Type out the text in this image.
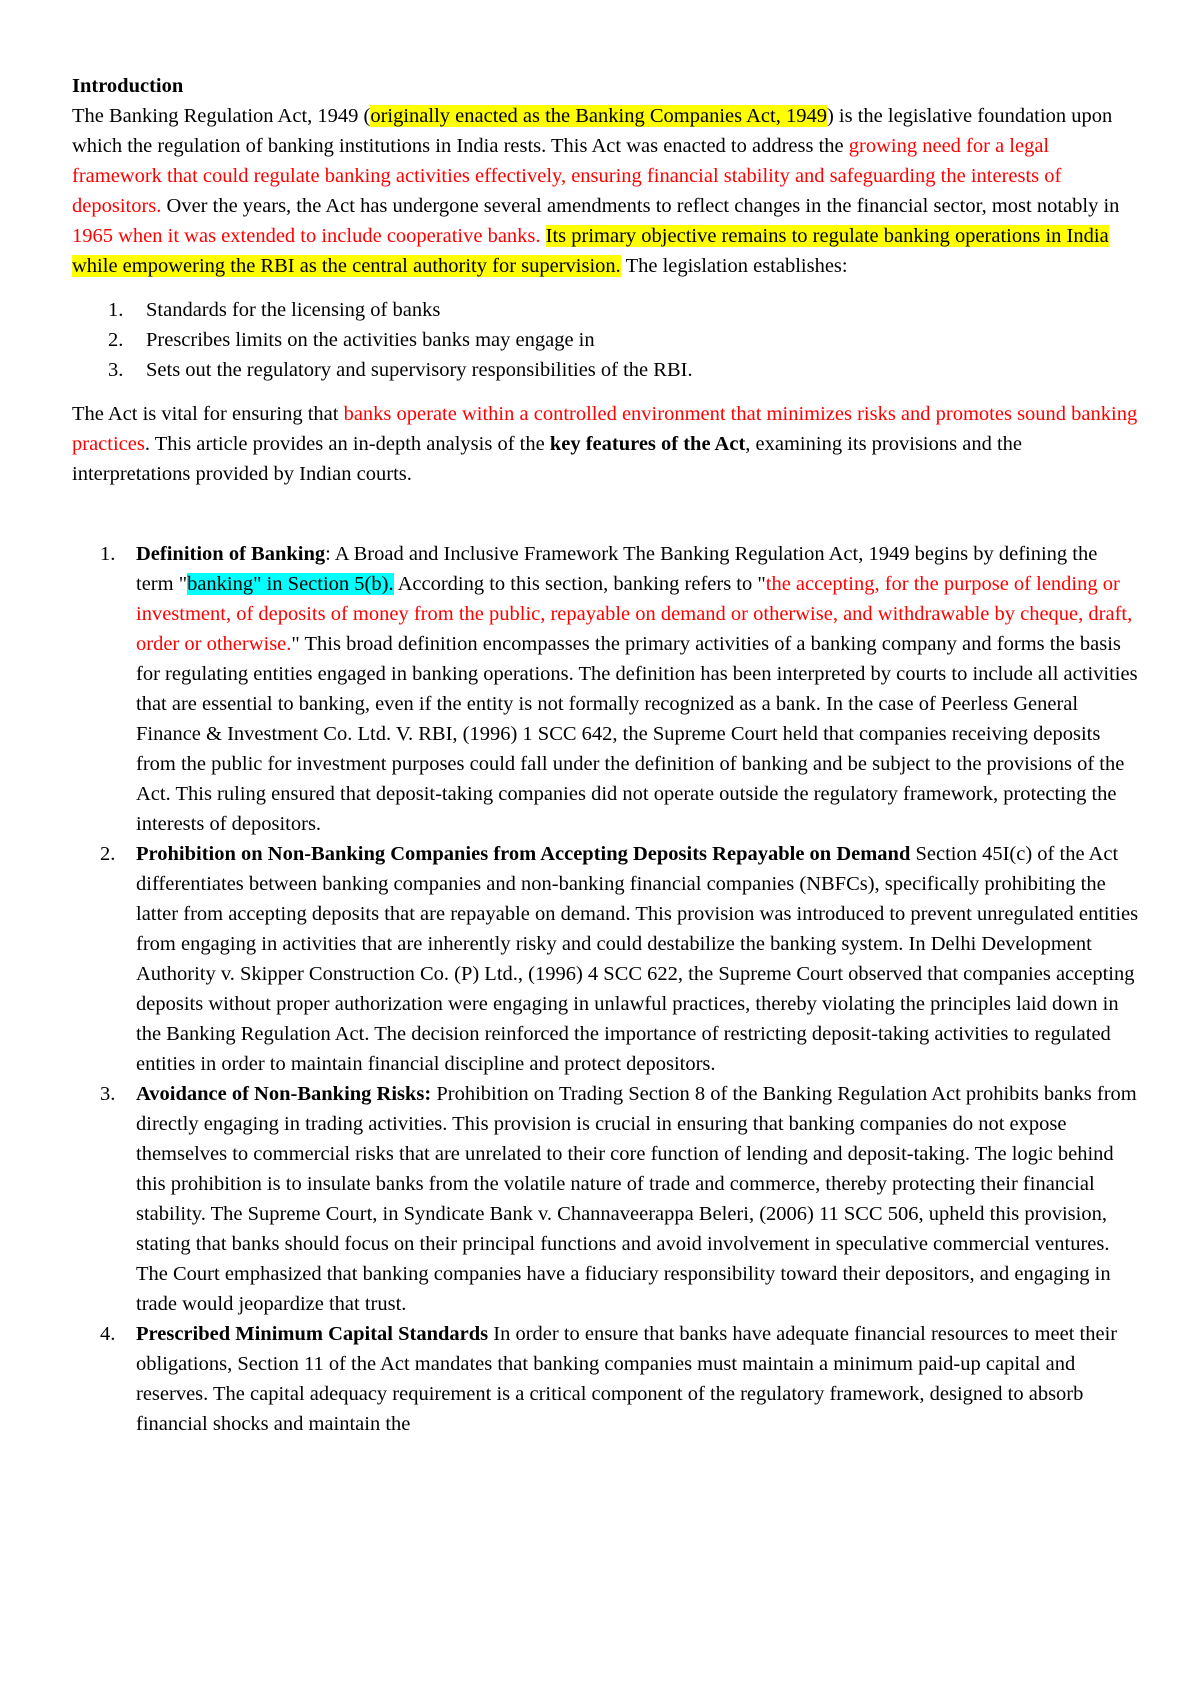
Introduction

The Banking Regulation Act, 1949 (originally enacted as the Banking Companies Act, 1949) is the legislative foundation upon which the regulation of banking institutions in India rests. This Act was enacted to address the growing need for a legal framework that could regulate banking activities effectively, ensuring financial stability and safeguarding the interests of depositors. Over the years, the Act has undergone several amendments to reflect changes in the financial sector, most notably in 1965 when it was extended to include cooperative banks. Its primary objective remains to regulate banking operations in India while empowering the RBI as the central authority for supervision. The legislation establishes:

1. Standards for the licensing of banks
2. Prescribes limits on the activities banks may engage in
3. Sets out the regulatory and supervisory responsibilities of the RBI.

The Act is vital for ensuring that banks operate within a controlled environment that minimizes risks and promotes sound banking practices. This article provides an in-depth analysis of the key features of the Act, examining its provisions and the interpretations provided by Indian courts.

1. Definition of Banking: A Broad and Inclusive Framework The Banking Regulation Act, 1949 begins by defining the term "banking" in Section 5(b). According to this section, banking refers to "the accepting, for the purpose of lending or investment, of deposits of money from the public, repayable on demand or otherwise, and withdrawable by cheque, draft, order or otherwise." This broad definition encompasses the primary activities of a banking company and forms the basis for regulating entities engaged in banking operations. The definition has been interpreted by courts to include all activities that are essential to banking, even if the entity is not formally recognized as a bank. In the case of Peerless General Finance & Investment Co. Ltd. V. RBI, (1996) 1 SCC 642, the Supreme Court held that companies receiving deposits from the public for investment purposes could fall under the definition of banking and be subject to the provisions of the Act. This ruling ensured that deposit-taking companies did not operate outside the regulatory framework, protecting the interests of depositors.
2. Prohibition on Non-Banking Companies from Accepting Deposits Repayable on Demand Section 45I(c) of the Act differentiates between banking companies and non-banking financial companies (NBFCs), specifically prohibiting the latter from accepting deposits that are repayable on demand. This provision was introduced to prevent unregulated entities from engaging in activities that are inherently risky and could destabilize the banking system. In Delhi Development Authority v. Skipper Construction Co. (P) Ltd., (1996) 4 SCC 622, the Supreme Court observed that companies accepting deposits without proper authorization were engaging in unlawful practices, thereby violating the principles laid down in the Banking Regulation Act. The decision reinforced the importance of restricting deposit-taking activities to regulated entities in order to maintain financial discipline and protect depositors.
3. Avoidance of Non-Banking Risks: Prohibition on Trading Section 8 of the Banking Regulation Act prohibits banks from directly engaging in trading activities. This provision is crucial in ensuring that banking companies do not expose themselves to commercial risks that are unrelated to their core function of lending and deposit-taking. The logic behind this prohibition is to insulate banks from the volatile nature of trade and commerce, thereby protecting their financial stability. The Supreme Court, in Syndicate Bank v. Channaveerappa Beleri, (2006) 11 SCC 506, upheld this provision, stating that banks should focus on their principal functions and avoid involvement in speculative commercial ventures. The Court emphasized that banking companies have a fiduciary responsibility toward their depositors, and engaging in trade would jeopardize that trust.
4. Prescribed Minimum Capital Standards In order to ensure that banks have adequate financial resources to meet their obligations, Section 11 of the Act mandates that banking companies must maintain a minimum paid-up capital and reserves. The capital adequacy requirement is a critical component of the regulatory framework, designed to absorb financial shocks and maintain the
